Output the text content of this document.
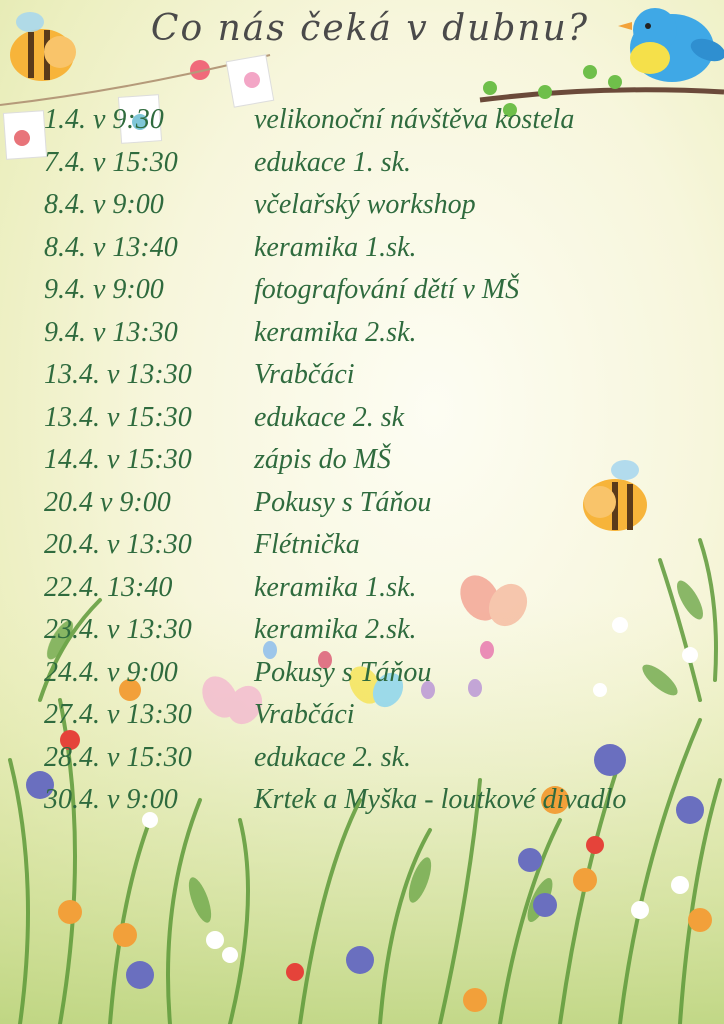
Co nás čeká v dubnu?
1.4. v 9:30	velikonoční návštěva kostela
7.4. v 15:30	edukace 1. sk.
8.4. v 9:00	včelařský workshop
8.4. v 13:40	keramika 1.sk.
9.4. v 9:00	fotografování dětí v MŠ
9.4. v 13:30	keramika 2.sk.
13.4. v 13:30 Vrabčáci
13.4. v 15:30 edukace 2. sk
14.4. v 15:30 zápis do MŠ
20.4 v 9:00	Pokusy s Táňou
20.4. v 13:30 Flétnička
22.4. 13:40	keramika 1.sk.
23.4. v 13:30 keramika 2.sk.
24.4. v 9:00	Pokusy s Táňou
27.4. v 13:30 Vrabčáci
28.4. v 15:30 edukace 2. sk.
30.4. v 9:00	Krtek a Myška - loutkové divadlo
